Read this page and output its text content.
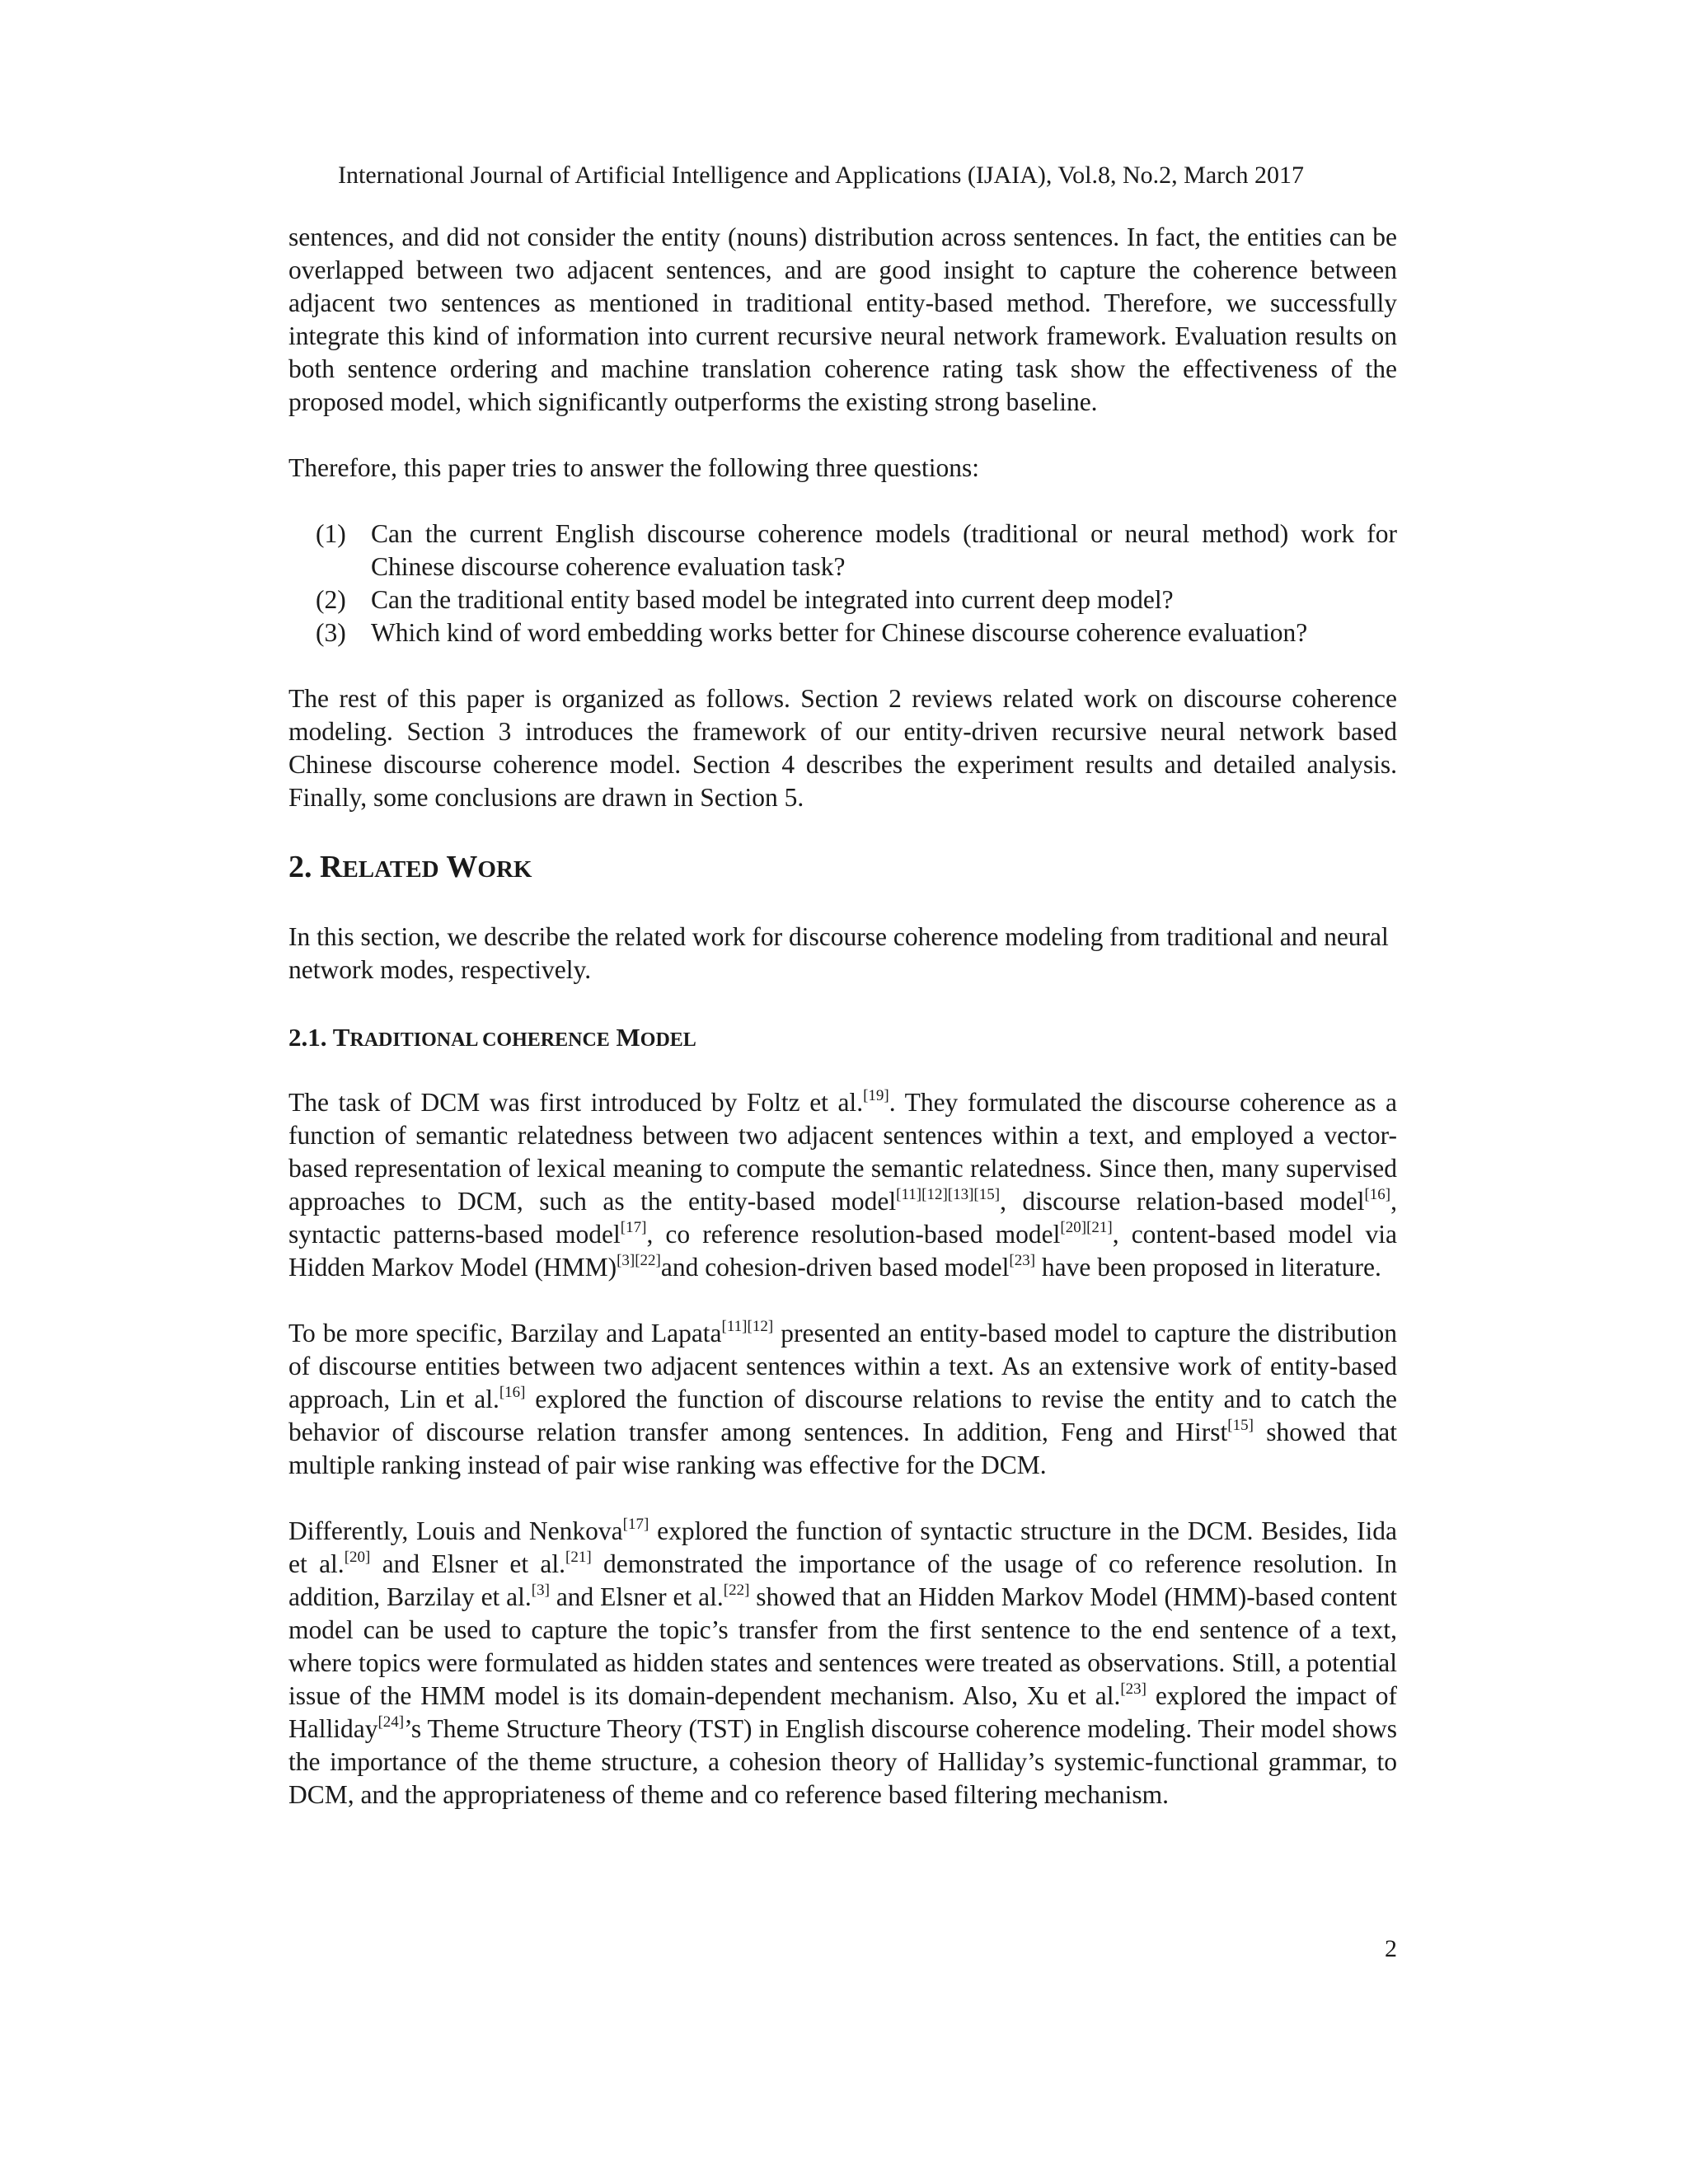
International Journal of Artificial Intelligence and Applications (IJAIA), Vol.8, No.2, March 2017

sentences, and did not consider the entity (nouns) distribution across sentences. In fact, the entities can be overlapped between two adjacent sentences, and are good insight to capture the coherence between adjacent two sentences as mentioned in traditional entity-based method. Therefore, we successfully integrate this kind of information into current recursive neural network framework. Evaluation results on both sentence ordering and machine translation coherence rating task show the effectiveness of the proposed model, which significantly outperforms the existing strong baseline.

Therefore, this paper tries to answer the following three questions:

(1) Can the current English discourse coherence models (traditional or neural method) work for Chinese discourse coherence evaluation task?
(2) Can the traditional entity based model be integrated into current deep model?
(3) Which kind of word embedding works better for Chinese discourse coherence evaluation?

The rest of this paper is organized as follows. Section 2 reviews related work on discourse coherence modeling. Section 3 introduces the framework of our entity-driven recursive neural network based Chinese discourse coherence model. Section 4 describes the experiment results and detailed analysis. Finally, some conclusions are drawn in Section 5.

2. RELATED WORK

In this section, we describe the related work for discourse coherence modeling from traditional and neural network modes, respectively.

2.1. TRADITIONAL COHERENCE MODEL

The task of DCM was first introduced by Foltz et al.[19]. They formulated the discourse coherence as a function of semantic relatedness between two adjacent sentences within a text, and employed a vector-based representation of lexical meaning to compute the semantic relatedness. Since then, many supervised approaches to DCM, such as the entity-based model[11][12][13][15], discourse relation-based model[16], syntactic patterns-based model[17], co reference resolution-based model[20][21], content-based model via Hidden Markov Model (HMM)[3][22]and cohesion-driven based model[23] have been proposed in literature.

To be more specific, Barzilay and Lapata[11][12] presented an entity-based model to capture the distribution of discourse entities between two adjacent sentences within a text. As an extensive work of entity-based approach, Lin et al.[16] explored the function of discourse relations to revise the entity and to catch the behavior of discourse relation transfer among sentences. In addition, Feng and Hirst[15] showed that multiple ranking instead of pair wise ranking was effective for the DCM.

Differently, Louis and Nenkova[17] explored the function of syntactic structure in the DCM. Besides, Iida et al.[20] and Elsner et al.[21] demonstrated the importance of the usage of co reference resolution. In addition, Barzilay et al.[3] and Elsner et al.[22] showed that an Hidden Markov Model (HMM)-based content model can be used to capture the topic’s transfer from the first sentence to the end sentence of a text, where topics were formulated as hidden states and sentences were treated as observations. Still, a potential issue of the HMM model is its domain-dependent mechanism. Also, Xu et al.[23] explored the impact of Halliday[24]’s Theme Structure Theory (TST) in English discourse coherence modeling. Their model shows the importance of the theme structure, a cohesion theory of Halliday’s systemic-functional grammar, to DCM, and the appropriateness of theme and co reference based filtering mechanism.

2
